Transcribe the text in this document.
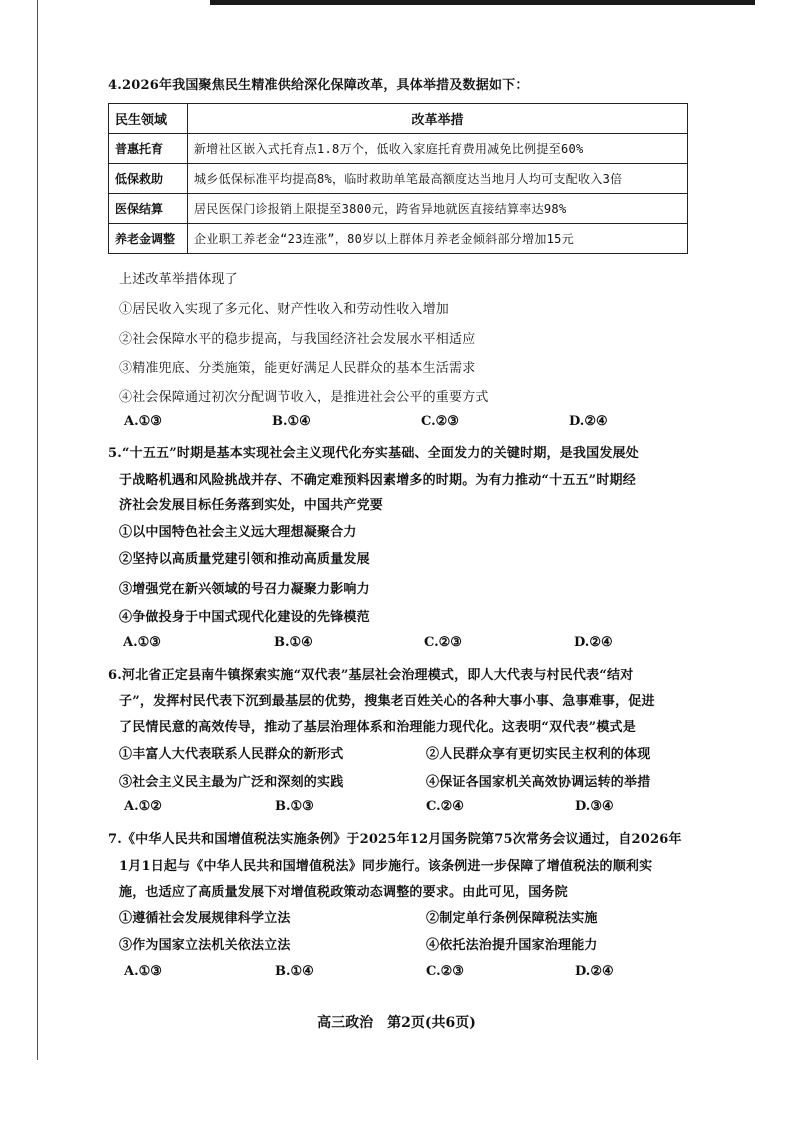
4.2026年我国聚焦民生精准供给深化保障改革，具体举措及数据如下：
民生领域	改革举措
普惠托育	新增社区嵌入式托育点1.8万个，低收入家庭托育费用减免比例提至60%
低保救助	城乡低保标准平均提高8%，临时救助单笔最高额度达当地月人均可支配收入3倍
医保结算	居民医保门诊报销上限提至3800元，跨省异地就医直接结算率达98%
养老金调整	企业职工养老金“23连涨”，80岁以上群体月养老金倾斜部分增加15元
上述改革举措体现了
①居民收入实现了多元化、财产性收入和劳动性收入增加
②社会保障水平的稳步提高，与我国经济社会发展水平相适应
③精准兜底、分类施策，能更好满足人民群众的基本生活需求
④社会保障通过初次分配调节收入，是推进社会公平的重要方式
A.①③	B.①④	C.②③	D.②④
5.“十五五”时期是基本实现社会主义现代化夯实基础、全面发力的关键时期，是我国发展处
于战略机遇和风险挑战并存、不确定难预料因素增多的时期。为有力推动“十五五”时期经
济社会发展目标任务落到实处，中国共产党要
①以中国特色社会主义远大理想凝聚合力
②坚持以高质量党建引领和推动高质量发展
③增强党在新兴领域的号召力凝聚力影响力
④争做投身于中国式现代化建设的先锋模范
A.①③	B.①④	C.②③	D.②④
6.河北省正定县南牛镇探索实施“双代表”基层社会治理模式，即人大代表与村民代表“结对
子”，发挥村民代表下沉到最基层的优势，搜集老百姓关心的各种大事小事、急事难事，促进
了民情民意的高效传导，推动了基层治理体系和治理能力现代化。这表明“双代表”模式是
①丰富人大代表联系人民群众的新形式	②人民群众享有更切实民主权利的体现
③社会主义民主最为广泛和深刻的实践	④保证各国家机关高效协调运转的举措
A.①②	B.①③	C.②④	D.③④
7.《中华人民共和国增值税法实施条例》于2025年12月国务院第75次常务会议通过，自2026年
1月1日起与《中华人民共和国增值税法》同步施行。该条例进一步保障了增值税法的顺利实
施，也适应了高质量发展下对增值税政策动态调整的要求。由此可见，国务院
①遵循社会发展规律科学立法	②制定单行条例保障税法实施
③作为国家立法机关依法立法	④依托法治提升国家治理能力
A.①③	B.①④	C.②③	D.②④
高三政治　第2页(共6页)
